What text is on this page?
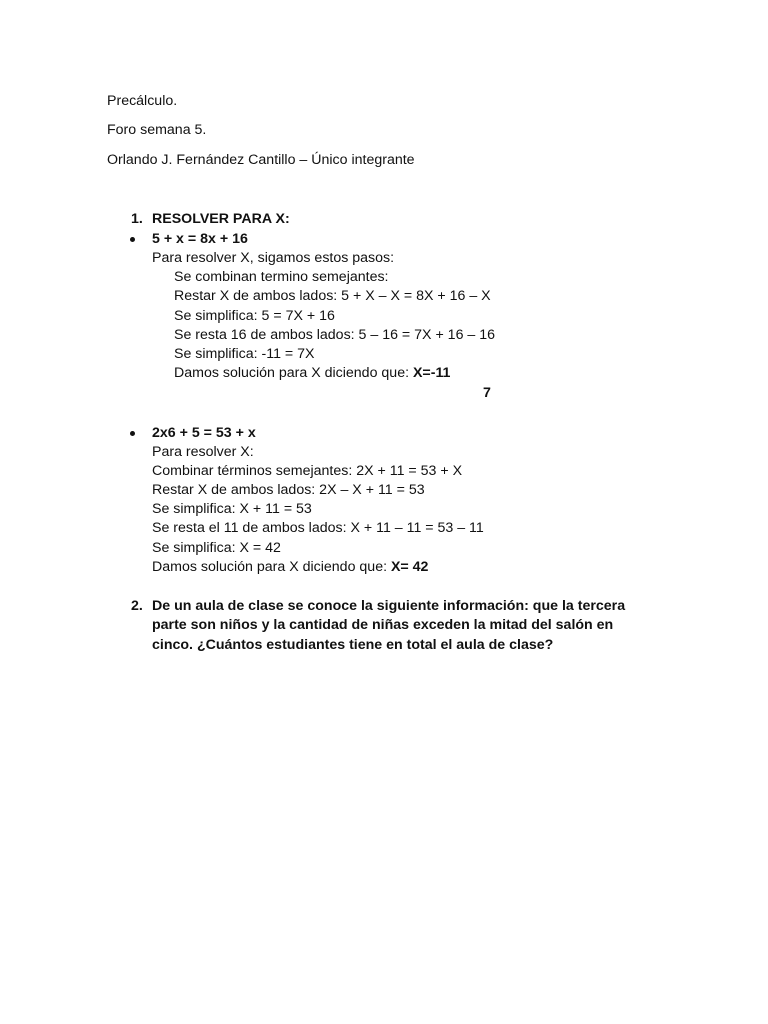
Precálculo.
Foro semana 5.
Orlando J. Fernández Cantillo – Único integrante
1. RESOLVER PARA X:
5 + x = 8x + 16
Para resolver X, sigamos estos pasos:
Se combinan termino semejantes:
Restar X de ambos lados: 5 + X – X = 8X + 16 – X
Se simplifica: 5 = 7X + 16
Se resta 16 de ambos lados: 5 – 16 = 7X + 16 – 16
Se simplifica: -11 = 7X
Damos solución para X diciendo que: X=-11
7
2x6 + 5 = 53 + x
Para resolver X:
Combinar términos semejantes: 2X + 11 = 53 + X
Restar X de ambos lados: 2X – X + 11 = 53
Se simplifica: X + 11 = 53
Se resta el 11 de ambos lados: X + 11 – 11 = 53 – 11
Se simplifica: X = 42
Damos solución para X diciendo que: X= 42
2. De un aula de clase se conoce la siguiente información: que la tercera
parte son niños y la cantidad de niñas exceden la mitad del salón en
cinco. ¿Cuántos estudiantes tiene en total el aula de clase?
